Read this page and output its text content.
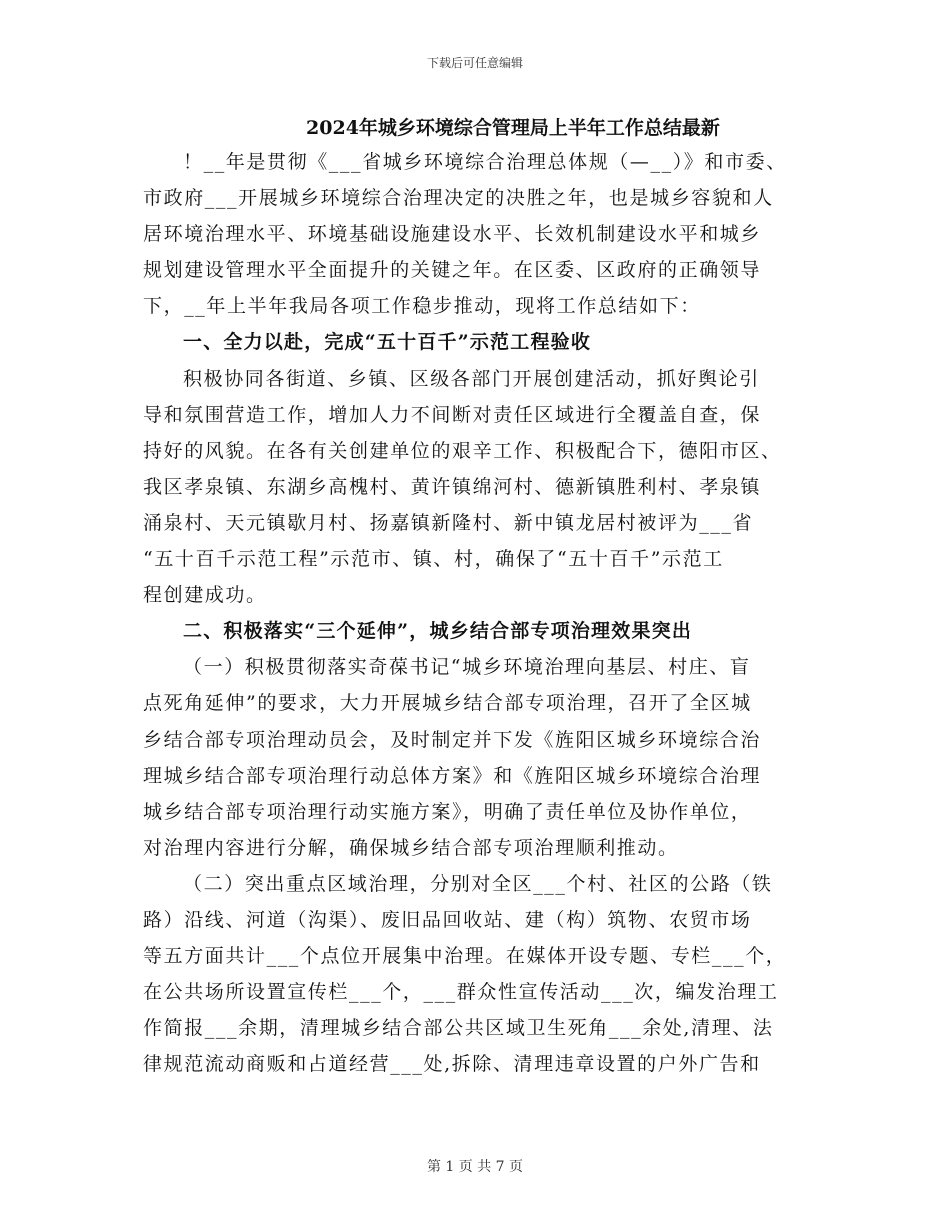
下载后可任意编辑
2024年城乡环境综合管理局上半年工作总结最新
！__年是贯彻《___省城乡环境综合治理总体规（—__）》和市委、
市政府___开展城乡环境综合治理决定的决胜之年，也是城乡容貌和人
居环境治理水平、环境基础设施建设水平、长效机制建设水平和城乡
规划建设管理水平全面提升的关键之年。在区委、区政府的正确领导
下，__年上半年我局各项工作稳步推动，现将工作总结如下：
一、全力以赴，完成“五十百千”示范工程验收
积极协同各街道、乡镇、区级各部门开展创建活动，抓好舆论引
导和氛围营造工作，增加人力不间断对责任区域进行全覆盖自查，保
持好的风貌。在各有关创建单位的艰辛工作、积极配合下，德阳市区、
我区孝泉镇、东湖乡高槐村、黄许镇绵河村、德新镇胜利村、孝泉镇
涌泉村、天元镇歇月村、扬嘉镇新隆村、新中镇龙居村被评为___省
“五十百千示范工程”示范市、镇、村，确保了“五十百千”示范工
程创建成功。
二、积极落实“三个延伸”，城乡结合部专项治理效果突出
（一）积极贯彻落实奇葆书记“城乡环境治理向基层、村庄、盲
点死角延伸”的要求，大力开展城乡结合部专项治理，召开了全区城
乡结合部专项治理动员会，及时制定并下发《旌阳区城乡环境综合治
理城乡结合部专项治理行动总体方案》和《旌阳区城乡环境综合治理
城乡结合部专项治理行动实施方案》，明确了责任单位及协作单位，
对治理内容进行分解，确保城乡结合部专项治理顺利推动。
（二）突出重点区域治理，分别对全区___个村、社区的公路（铁
路）沿线、河道（沟渠）、废旧品回收站、建（构）筑物、农贸市场
等五方面共计___个点位开展集中治理。在媒体开设专题、专栏___个，
在公共场所设置宣传栏___个，___群众性宣传活动___次，编发治理工
作简报___余期，清理城乡结合部公共区域卫生死角___余处,清理、法
律规范流动商贩和占道经营___处,拆除、清理违章设置的户外广告和
第 1 页 共 7 页
